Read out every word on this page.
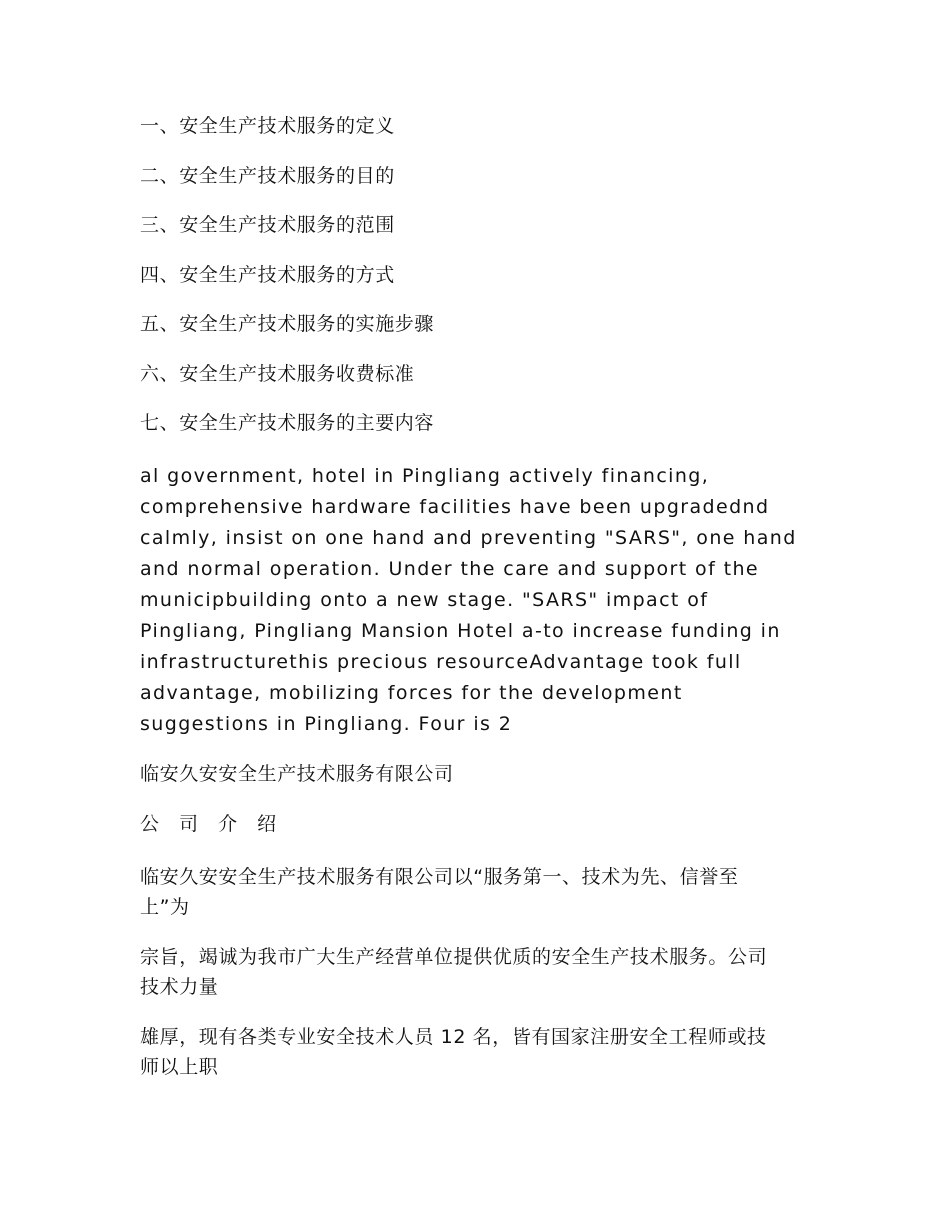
一、安全生产技术服务的定义
二、安全生产技术服务的目的
三、安全生产技术服务的范围
四、安全生产技术服务的方式
五、安全生产技术服务的实施步骤
六、安全生产技术服务收费标准
七、安全生产技术服务的主要内容
al government, hotel in Pingliang actively financing,
comprehensive hardware facilities have been upgradednd
calmly, insist on one hand and preventing "SARS", one hand
and normal operation. Under the care and support of the
municipbuilding onto a new stage. "SARS" impact of
Pingliang, Pingliang Mansion Hotel a-to increase funding in
infrastructurethis precious resourceAdvantage took full
advantage, mobilizing forces for the development
suggestions in Pingliang. Four is 2
临安久安安全生产技术服务有限公司
公 司 介 绍
临安久安安全生产技术服务有限公司以“服务第一、技术为先、信誉至
上”为
宗旨，竭诚为我市广大生产经营单位提供优质的安全生产技术服务。公司
技术力量
雄厚，现有各类专业安全技术人员 12 名，皆有国家注册安全工程师或技
师以上职
